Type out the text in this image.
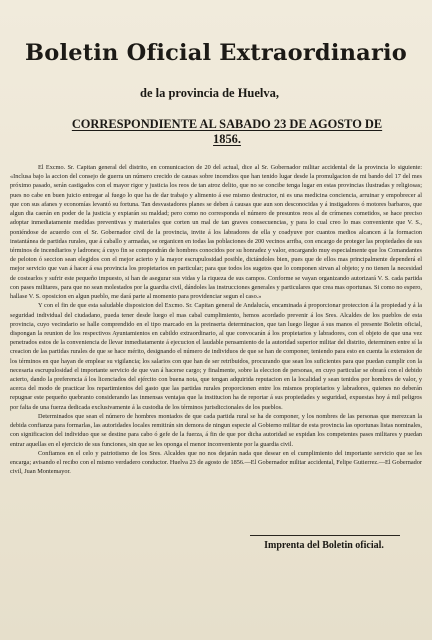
Boletin Oficial Extraordinario
de la provincia de Huelva,
CORRESPONDIENTE AL SABADO 23 DE AGOSTO DE 1856.

El Excmo. Sr. Capitan general del distrito, en comunicacion de 20 del actual, dice al Sr. Gobernador militar accidental de la provincia lo siguiente: «Inclusa bajo la accion del consejo de guerra un número crecido de causas sobre incendios que han tenido lugar desde la promulgacion de mi bando del 17 del mes próximo pasado, serán castigados con el mayor rigor y justicia los reos de tan atroz delito, que no se concibe tenga lugar en estas provincias ilustradas y religiosas; pues no cabe en buen juicio entregar al fuego lo que ha de dar trabajo y alimento á ese mismo destructor, ni es una medicina conciencia, arruinar y empobrecer al que con sus afanes y economías levantó su fortuna. Tan desvastadores planes se deben á causas que aun son desconocidas y á instigadores ó motores barbaros, que algun dia caerán en poder de la justicia y expiarán su maldad; pero como no corresponda el número de presuntos reos al de crímenes cometidos, se hace preciso adoptar inmediatamente medidas preventivas y materiales que corten un mal de tan graves consecuencias, y para lo cual creo lo mas conveniente que V. S., poniéndose de acuerdo con el Sr. Gobernador civil de la provincia, invite á los labradores de ella y coadyuve por cuantos medios alcancen á la formacion instantánea de partidas rurales, que á caballo y armadas, se organicen en todas las poblaciones de 200 vecinos arriba, con encargo de proteger las propiedades de sus términos de incendiarios y ladrones; á cuyo fin se compondrán de hombres conocidos por su honradez y valor, encargando muy especialmente que los Comandantes de peloton ó seccion sean elegidos con el mejor acierto y la mayor escrupulosidad posible, dictándoles bien, pues que de ellos mas principalmente dependerá el mejor servicio que van á hacer á esa provincia los propietarios en particular; para que todos los sugetos que lo componen sirvan al objeto; y no tienen la necesidad de costearlos y sufrir este pequeño impuesto, si han de asegurar sus vidas y la riqueza de sus campos. Conforme se vayan organizando autorizará V. S. cada partida con pases militares, para que no sean molestados por la guardia civil, dándoles las instrucciones generales y particulares que crea mas oportunas. Si como no espero, hallase V. S. oposicion en algun pueblo, me dará parte al momento para providenciar segun el caso.»

Y con el fin de que esta saludable disposicion del Excmo. Sr. Capitan general de Andalucía, encaminada á proporcionar proteccion á la propiedad y á la seguridad individual del ciudadano, pueda tener desde luego el mas cabal cumplimiento, hemos acordado prevenir á los Sres. Alcaldes de los pueblos de esta provincia, cuyo vecindario se halle comprendido en el tipo marcado en la preinserta determinacion, que tan luego llegue á sus manos el presente Boletin oficial, dispongan la reunion de los respectivos Ayuntamientos en cabildo extraordinario, al que convocarán á los propietarios y labradores, con el objeto de que una vez penetrados estos de la conveniencia de llevar inmediatamente á ejecucion el laudable pensamiento de la autoridad superior militar del distrito, determinen entre sí la creacion de las partidas rurales de que se hace mérito, designando el número de individuos de que se han de componer, teniendo para esto en cuenta la extension de los términos en que hayan de emplear su vigilancia; los salarios con que han de ser retribuidos, procurando que sean los suficientes para que puedan cumplir con la necesaria escrupulosidad el importante servicio de que van á hacerse cargo; y finalmente, sobre la eleccion de personas, en cuyo particular se obrará con el debido acierto, dando la preferencia á los licenciados del ejército con buena nota, que tengan adquirida reputacion en la localidad y sean tenidos por hombres de valor, y acerca del modo de practicar los repartimientos del gasto que las partidas rurales proporcionen entre los mismos propietarios y labradores, quienes no deberán repugnar este pequeño quebranto considerando las inmensas ventajas que la institucion ha de reportar á sus propiedades y seguridad, expuestas hoy á mil peligros por falta de una fuerza dedicada exclusivamente á la custodia de los términos jurisdiccionales de los pueblos.

Determinados que sean el número de hombres montados de que cada partida rural se ha de componer, y los nombres de las personas que merezcan la debida confianza para formarlas, las autoridades locales remitirán sin demora de ningun especie al Gobierno militar de esta provincia las oportunas listas nominales, con significacion del individuo que se destine para cabo ó gefe de la fuerza, á fin de que por dicha autoridad se expidan los competentes pases militares y puedan entrar aquellas en el ejercicio de sus funciones, sin que se les oponga el menor inconveniente por la guardia civil.

Confiamos en el celo y patriotismo de los Sres. Alcaldes que no nos dejarán nada que desear en el cumplimiento del importante servicio que se les encarga; avisando el recibo con el mismo verdadero conductor. Huelva 23 de agosto de 1856.—El Gobernador militar accidental, Felipe Gutierrez.—El Gobernador civil, Juan Montemayor.

Imprenta del Boletin oficial.
